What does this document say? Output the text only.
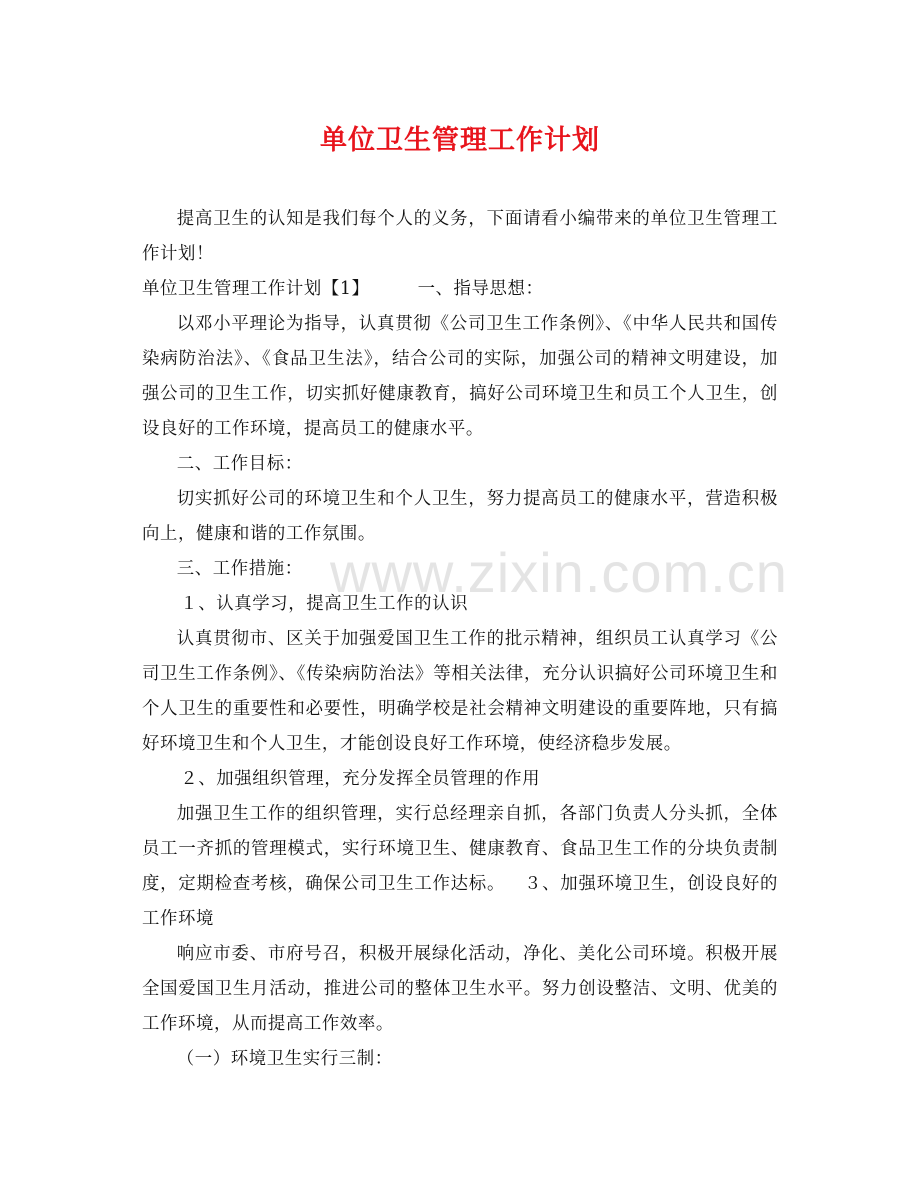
单位卫生管理工作计划
www.zixin.com.cn

提高卫生的认知是我们每个人的义务，下面请看小编带来的单位卫生管理工作计划！

单位卫生管理工作计划【1】	一、指导思想：

以邓小平理论为指导，认真贯彻《公司卫生工作条例》、《中华人民共和国传染病防治法》、《食品卫生法》，结合公司的实际，加强公司的精神文明建设，加强公司的卫生工作，切实抓好健康教育，搞好公司环境卫生和员工个人卫生，创设良好的工作环境，提高员工的健康水平。

二、工作目标：

切实抓好公司的环境卫生和个人卫生，努力提高员工的健康水平，营造积极向上，健康和谐的工作氛围。

三、工作措施：

１、认真学习，提高卫生工作的认识

认真贯彻市、区关于加强爱国卫生工作的批示精神，组织员工认真学习《公司卫生工作条例》、《传染病防治法》等相关法律，充分认识搞好公司环境卫生和个人卫生的重要性和必要性，明确学校是社会精神文明建设的重要阵地，只有搞好环境卫生和个人卫生，才能创设良好工作环境，使经济稳步发展。

２、加强组织管理，充分发挥全员管理的作用

加强卫生工作的组织管理，实行总经理亲自抓，各部门负责人分头抓，全体员工一齐抓的管理模式，实行环境卫生、健康教育、食品卫生工作的分块负责制度，定期检查考核，确保公司卫生工作达标。 ３、加强环境卫生，创设良好的工作环境

响应市委、市府号召，积极开展绿化活动，净化、美化公司环境。积极开展全国爱国卫生月活动，推进公司的整体卫生水平。努力创设整洁、文明、优美的工作环境，从而提高工作效率。

（一）环境卫生实行三制：
